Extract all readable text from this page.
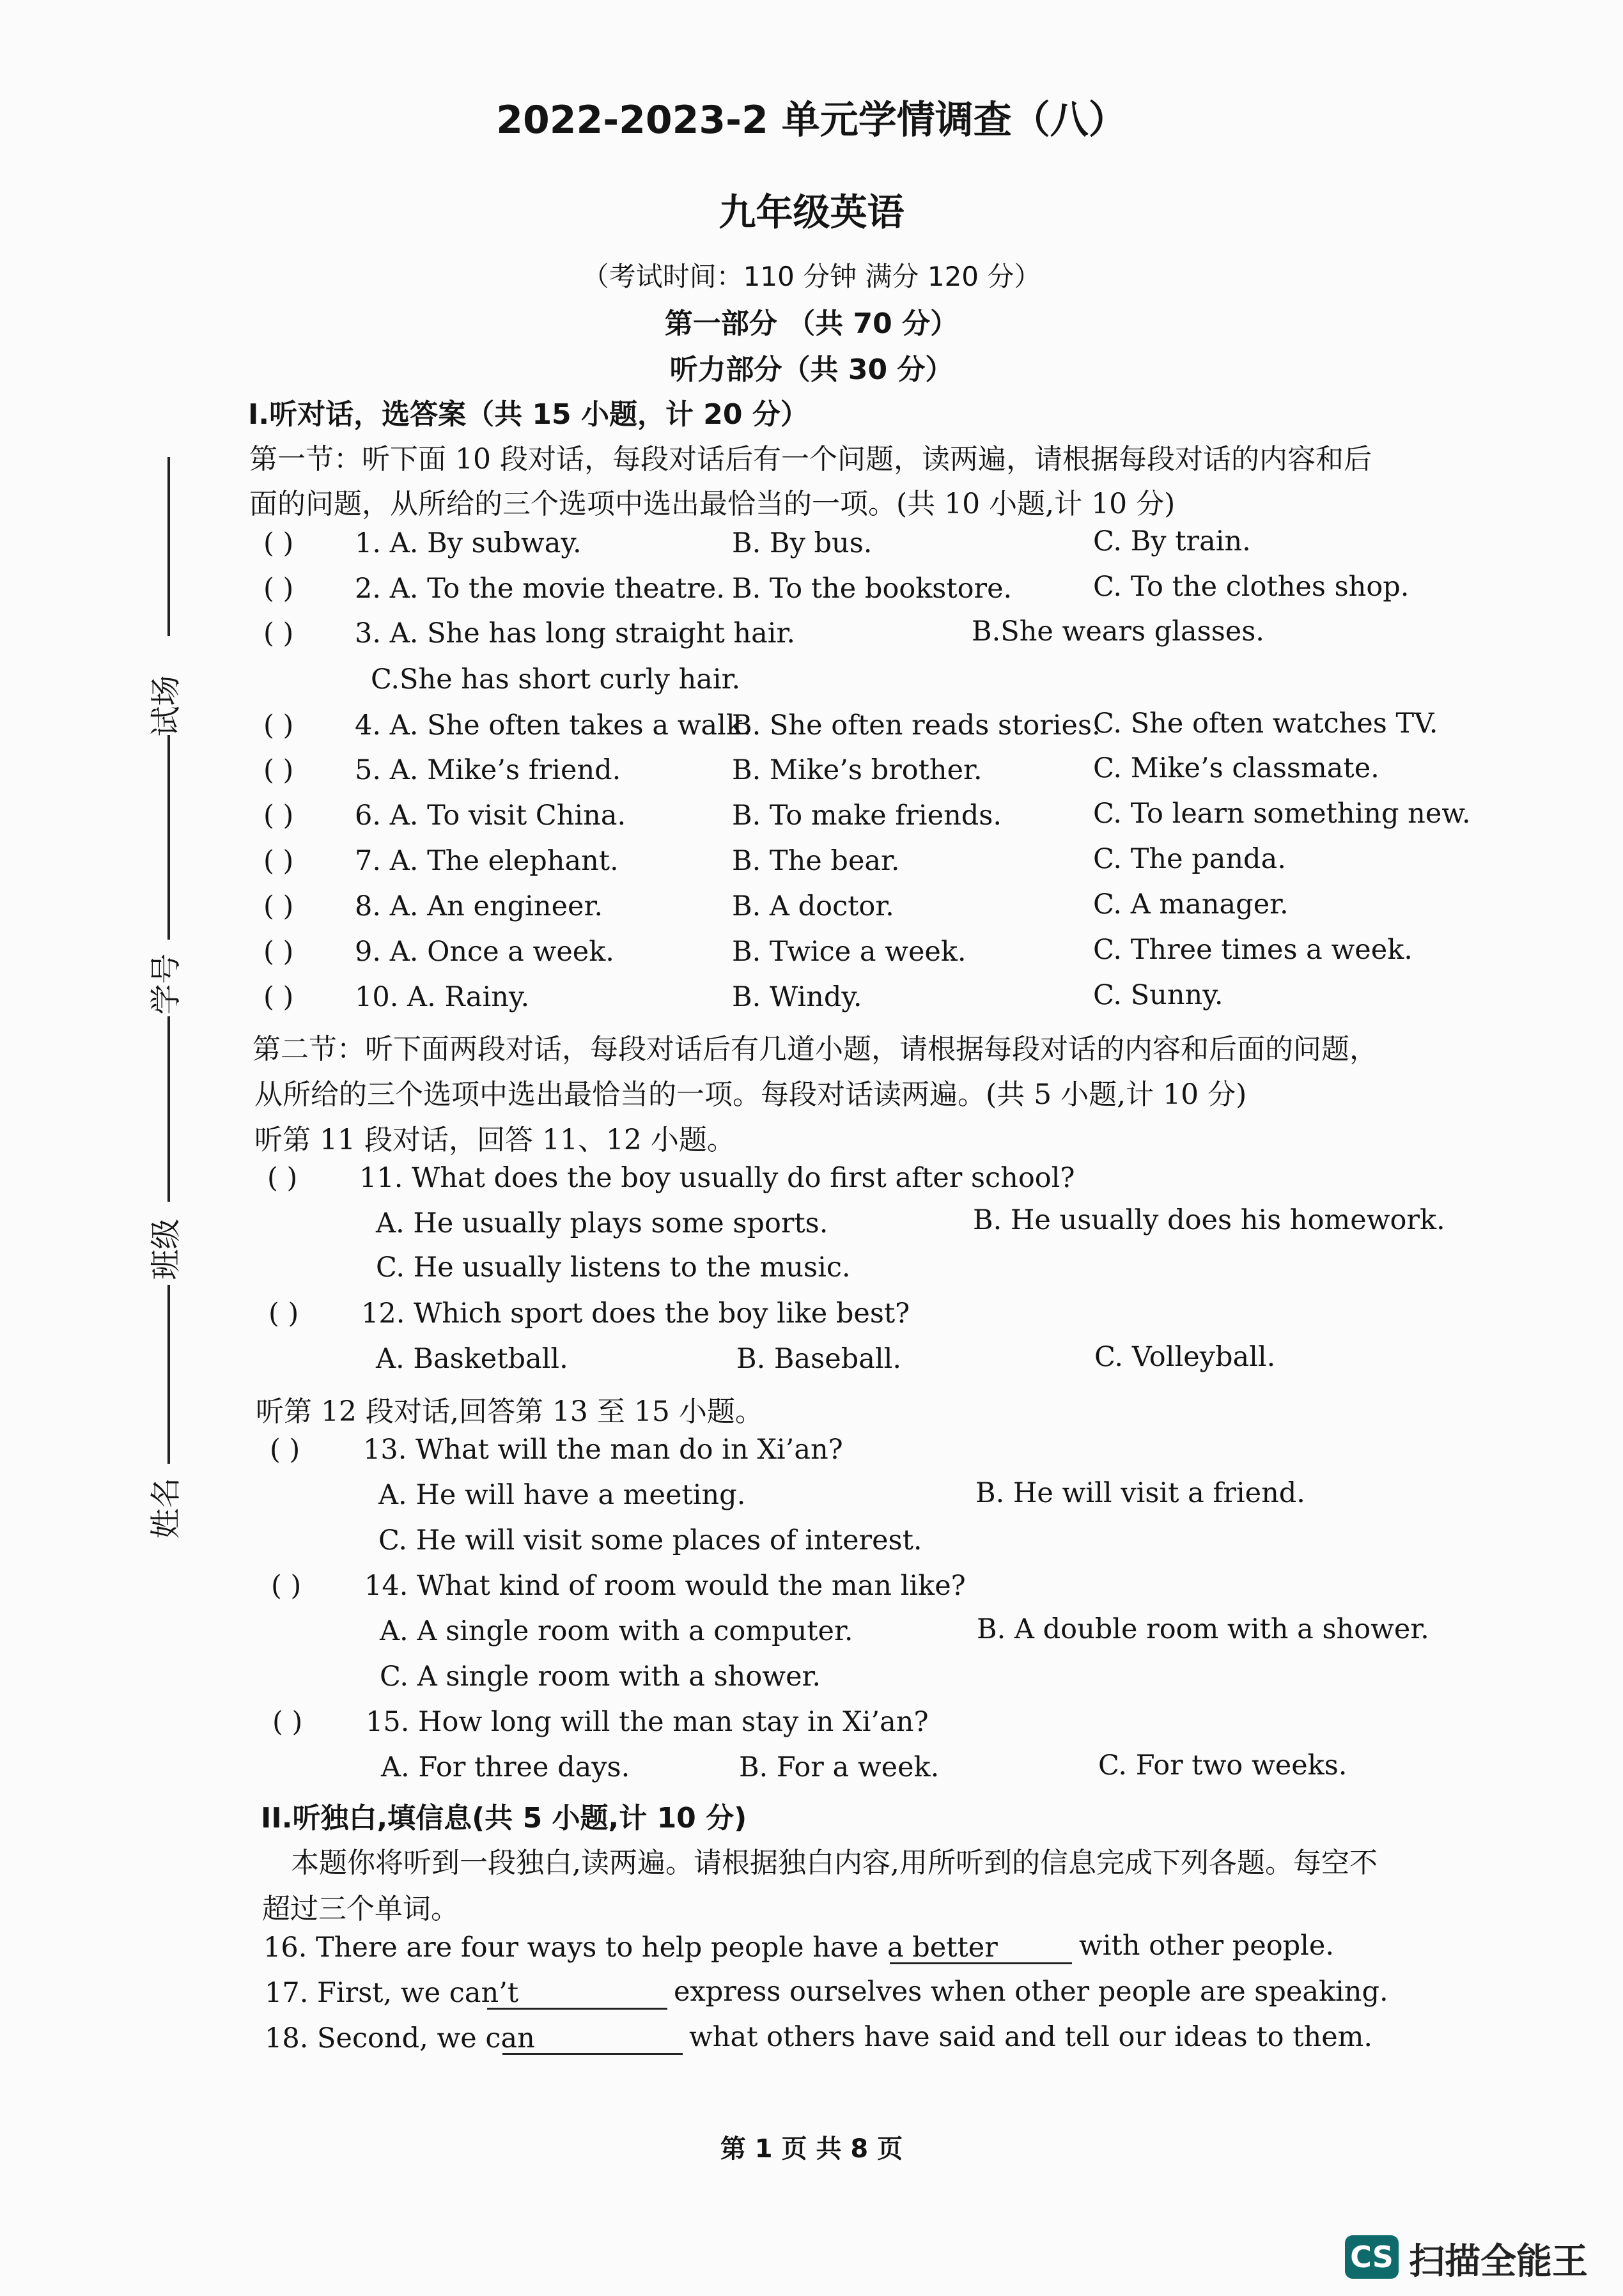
2022-2023-2 单元学情调查（八）
九年级英语
（考试时间：110 分钟 满分 120 分）
第一部分 （共 70 分）
听力部分（共 30 分）
试场
学号
班级
姓名
I.听对话，选答案（共 15 小题，计 20 分）
第一节：听下面 10 段对话，每段对话后有一个问题，读两遍，请根据每段对话的内容和后
面的问题，从所给的三个选项中选出最恰当的一项。(共 10 小题,计 10 分)
( ) 1. A. By subway.	B. By bus.	C. By train.
( ) 2. A. To the movie theatre. B. To the bookstore.	C. To the clothes shop.
( ) 3. A. She has long straight hair.	B.She wears glasses.
C.She has short curly hair.
( ) 4. A. She often takes a walk.
B. She often reads stories.
C. She often watches TV.
( ) 5. A. Mike’s friend.	B. Mike’s brother.	C. Mike’s classmate.
( ) 6. A. To visit China.	B. To make friends.	C. To learn something new.
( ) 7. A. The elephant.	B. The bear.	C. The panda.
( ) 8. A. An engineer.	B. A doctor.	C. A manager.
( ) 9. A. Once a week.	B. Twice a week.	C. Three times a week.
( ) 10. A. Rainy.	B. Windy.	C. Sunny.
第二节：听下面两段对话，每段对话后有几道小题，请根据每段对话的内容和后面的问题，
从所给的三个选项中选出最恰当的一项。每段对话读两遍。(共 5 小题,计 10 分)
听第 11 段对话，回答 11、12 小题。
( ) 11. What does the boy usually do first after school?
A. He usually plays some sports.	B. He usually does his homework.
C. He usually listens to the music.
( ) 12. Which sport does the boy like best?
A. Basketball.	B. Baseball.	C. Volleyball.
听第 12 段对话,回答第 13 至 15 小题。
( ) 13. What will the man do in Xi’an?
A. He will have a meeting.	B. He will visit a friend.
C. He will visit some places of interest.
( ) 14. What kind of room would the man like?
A. A single room with a computer.	B. A double room with a shower.
C. A single room with a shower.
( ) 15. How long will the man stay in Xi’an?
A. For three days.	B. For a week.	C. For two weeks.
II.听独白,填信息(共 5 小题,计 10 分)
本题你将听到一段独白,读两遍。请根据独白内容,用所听到的信息完成下列各题。每空不
超过三个单词。
16. There are four ways to help people have a better	with other people.
17. First, we can’t	express ourselves when other people are speaking.
18. Second, we can	what others have said and tell our ideas to them.
第 1 页 共 8 页
CS 扫描全能王
